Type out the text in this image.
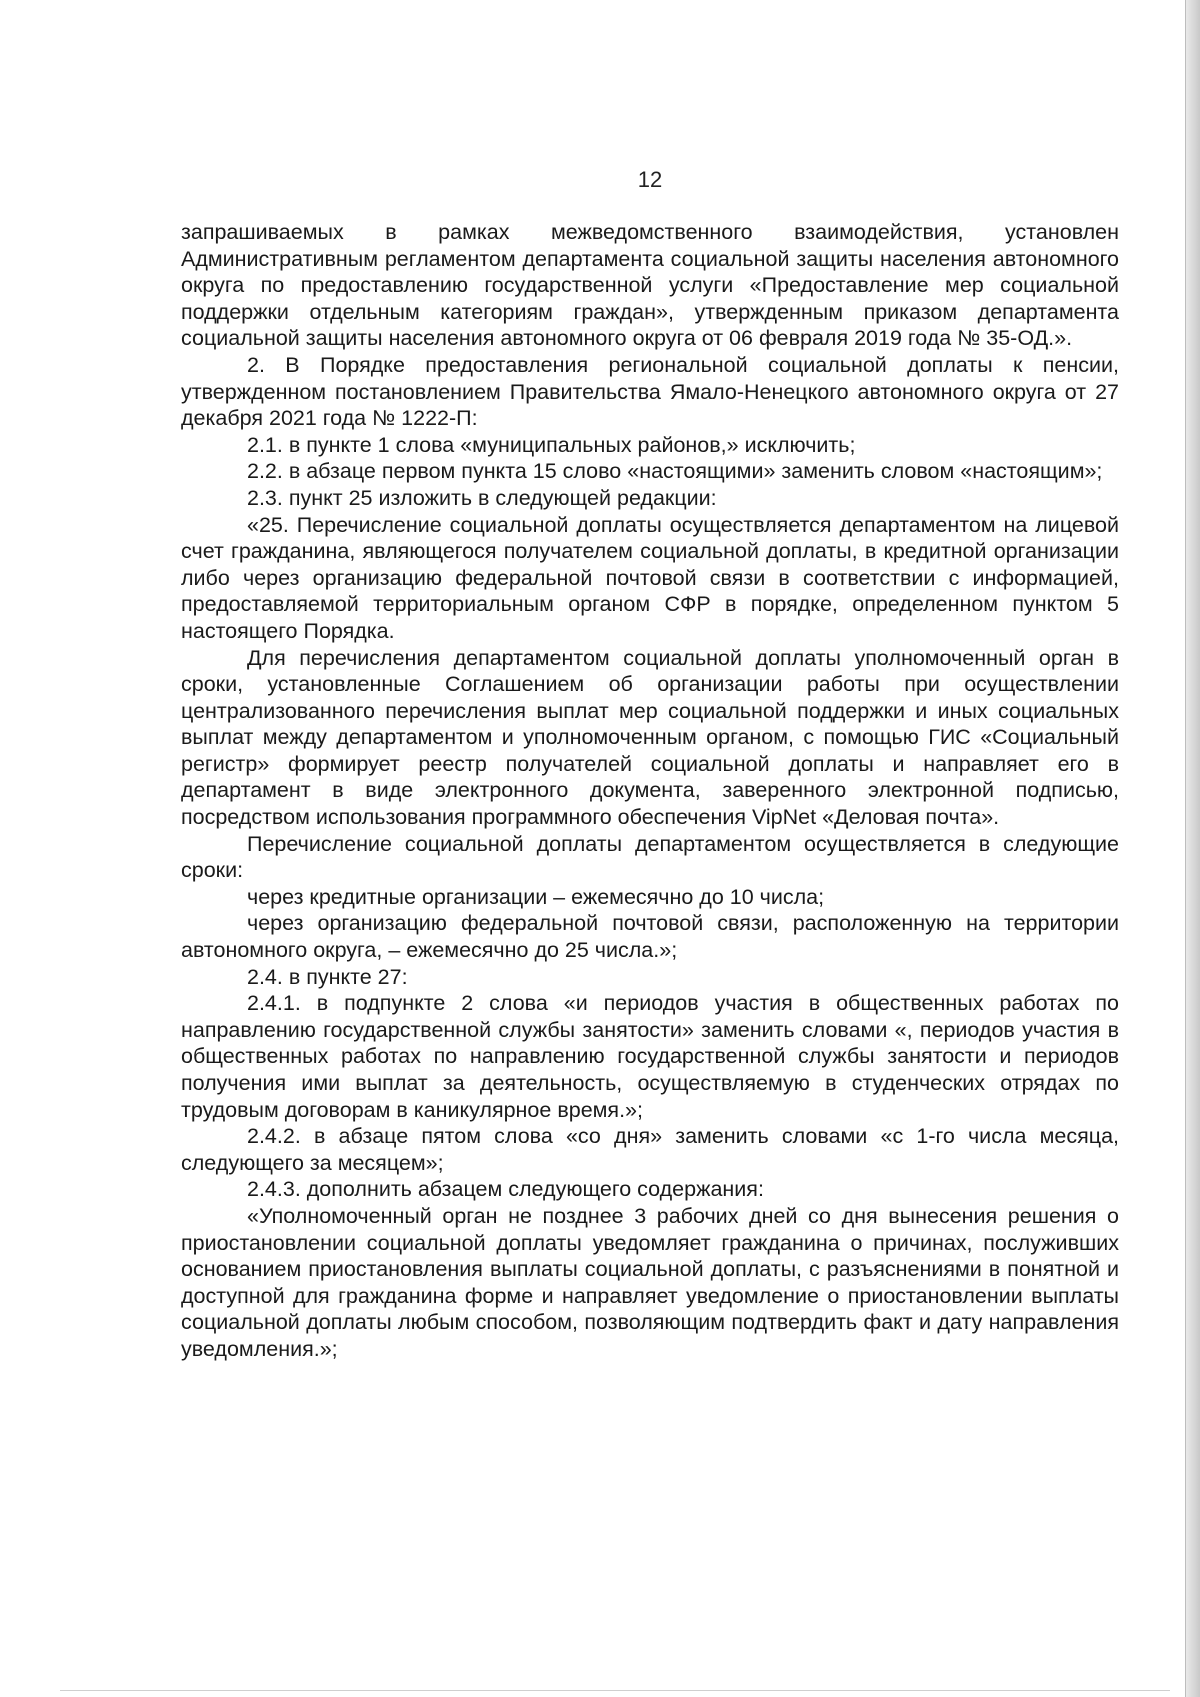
12

запрашиваемых в рамках межведомственного взаимодействия, установлен Административным регламентом департамента социальной защиты населения автономного округа по предоставлению государственной услуги «Предоставление мер социальной поддержки отдельным категориям граждан», утвержденным приказом департамента социальной защиты населения автономного округа от 06 февраля 2019 года № 35-ОД.».

2. В Порядке предоставления региональной социальной доплаты к пенсии, утвержденном постановлением Правительства Ямало-Ненецкого автономного округа от 27 декабря 2021 года № 1222-П:

2.1. в пункте 1 слова «муниципальных районов,» исключить;

2.2. в абзаце первом пункта 15 слово «настоящими» заменить словом «настоящим»;

2.3. пункт 25 изложить в следующей редакции:

«25. Перечисление социальной доплаты осуществляется департаментом на лицевой счет гражданина, являющегося получателем социальной доплаты, в кредитной организации либо через организацию федеральной почтовой связи в соответствии с информацией, предоставляемой территориальным органом СФР в порядке, определенном пунктом 5 настоящего Порядка.

Для перечисления департаментом социальной доплаты уполномоченный орган в сроки, установленные Соглашением об организации работы при осуществлении централизованного перечисления выплат мер социальной поддержки и иных социальных выплат между департаментом и уполномоченным органом, с помощью ГИС «Социальный регистр» формирует реестр получателей социальной доплаты и направляет его в департамент в виде электронного документа, заверенного электронной подписью, посредством использования программного обеспечения VipNet «Деловая почта».

Перечисление социальной доплаты департаментом осуществляется в следующие сроки:

через кредитные организации – ежемесячно до 10 числа;

через организацию федеральной почтовой связи, расположенную на территории автономного округа, – ежемесячно до 25 числа.»;

2.4. в пункте 27:

2.4.1. в подпункте 2 слова «и периодов участия в общественных работах по направлению государственной службы занятости» заменить словами «, периодов участия в общественных работах по направлению государственной службы занятости и периодов получения ими выплат за деятельность, осуществляемую в студенческих отрядах по трудовым договорам в каникулярное время.»;

2.4.2. в абзаце пятом слова «со дня» заменить словами «с 1-го числа месяца, следующего за месяцем»;

2.4.3. дополнить абзацем следующего содержания:

«Уполномоченный орган не позднее 3 рабочих дней со дня вынесения решения о приостановлении социальной доплаты уведомляет гражданина о причинах, послуживших основанием приостановления выплаты социальной доплаты, с разъяснениями в понятной и доступной для гражданина форме и направляет уведомление о приостановлении выплаты социальной доплаты любым способом, позволяющим подтвердить факт и дату направления уведомления.»;
